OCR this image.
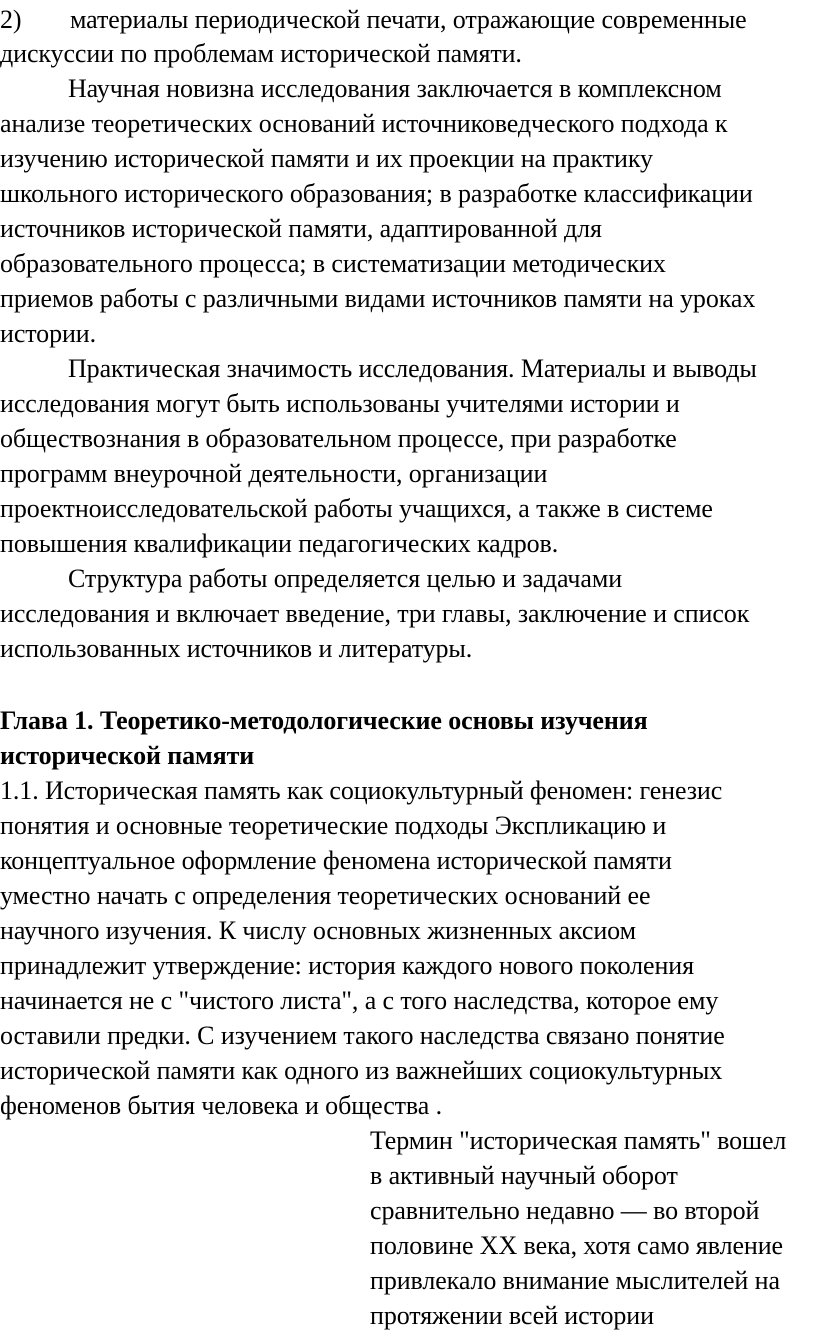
2) материалы периодической печати, отражающие современные
дискуссии по проблемам исторической памяти.
Научная новизна исследования заключается в комплексном
анализе теоретических оснований источниковедческого подхода к
изучению исторической памяти и их проекции на практику
школьного исторического образования; в разработке классификации
источников исторической памяти, адаптированной для
образовательного процесса; в систематизации методических
приемов работы с различными видами источников памяти на уроках
истории.
Практическая значимость исследования. Материалы и выводы
исследования могут быть использованы учителями истории и
обществознания в образовательном процессе, при разработке
программ внеурочной деятельности, организации
проектноисследовательской работы учащихся, а также в системе
повышения квалификации педагогических кадров.
Структура работы определяется целью и задачами
исследования и включает введение, три главы, заключение и список
использованных источников и литературы.
Глава 1. Теоретико-методологические основы изучения
исторической памяти
1.1. Историческая память как социокультурный феномен: генезис
понятия и основные теоретические подходы Экспликацию и
концептуальное оформление феномена исторической памяти
уместно начать с определения теоретических оснований ее
научного изучения. К числу основных жизненных аксиом
принадлежит утверждение: история каждого нового поколения
начинается не с "чистого листа", а с того наследства, которое ему
оставили предки. С изучением такого наследства связано понятие
исторической памяти как одного из важнейших социокультурных
феноменов бытия человека и общества .
Термин "историческая память" вошел
в активный научный оборот
сравнительно недавно — во второй
половине XX века, хотя само явление
привлекало внимание мыслителей на
протяжении всей истории
